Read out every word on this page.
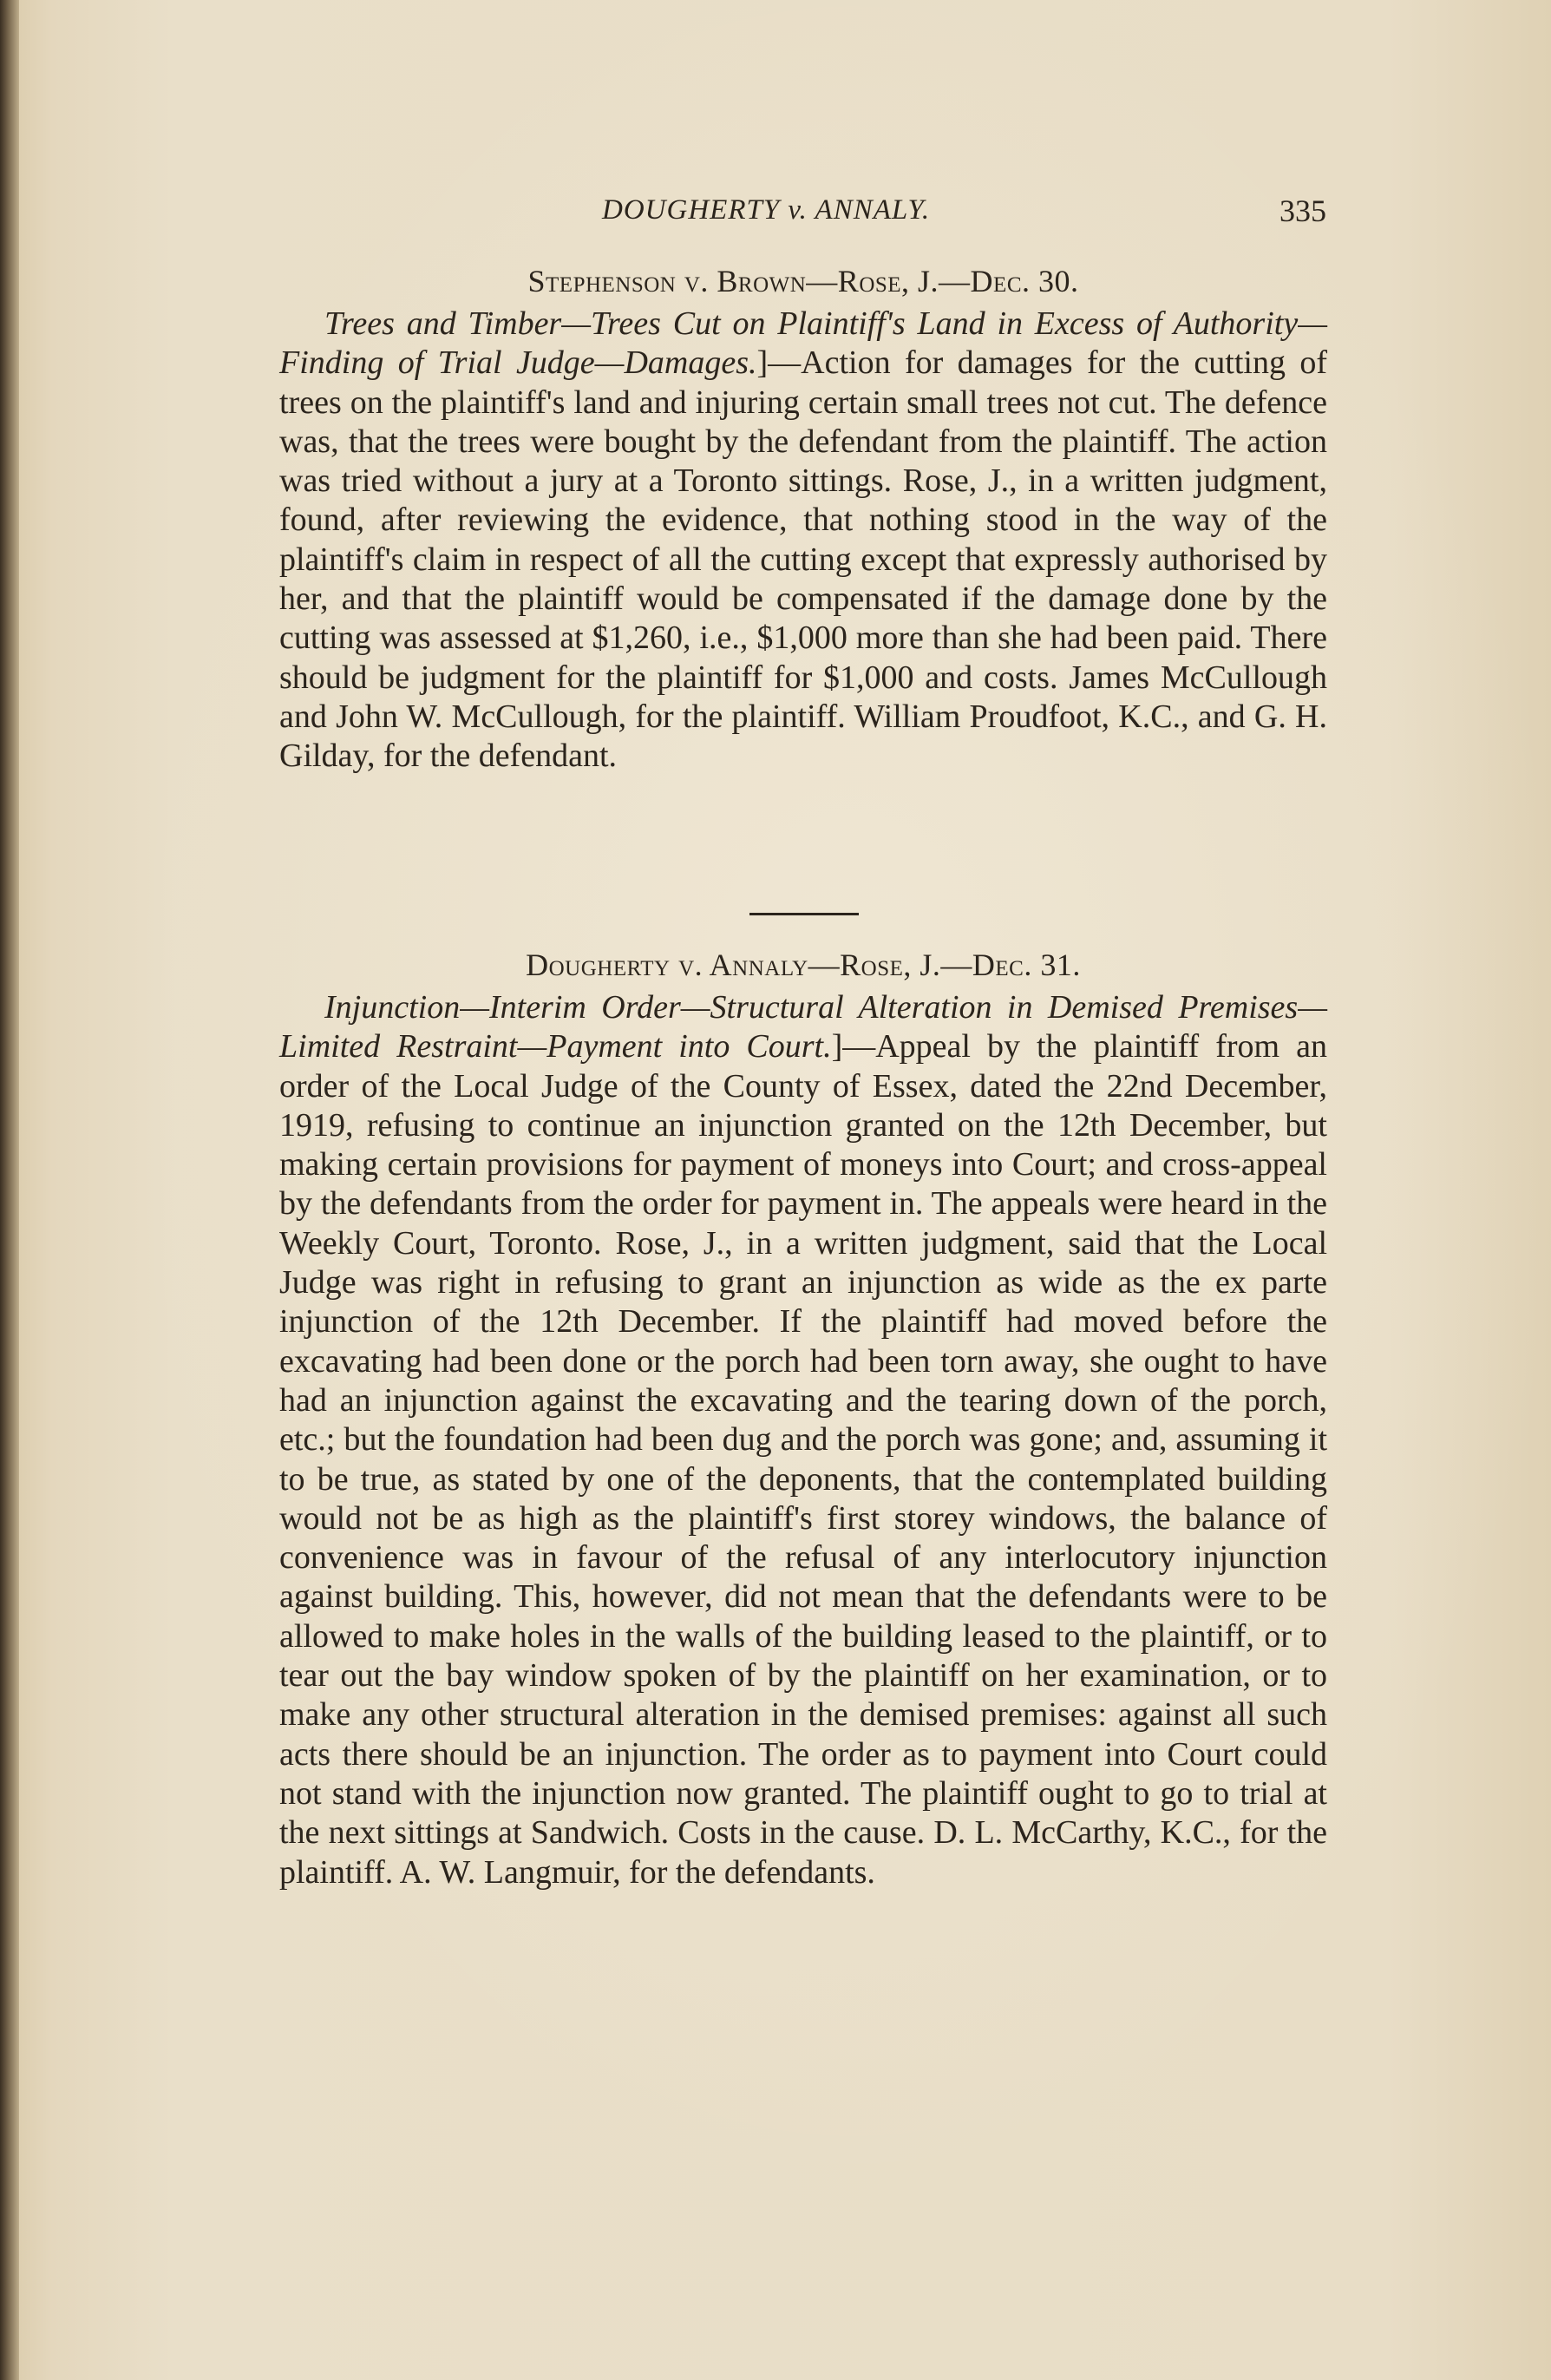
DOUGHERTY v. ANNALY.	335
Stephenson v. Brown—Rose, J.—Dec. 30.

Trees and Timber—Trees Cut on Plaintiff's Land in Excess of Authority—Finding of Trial Judge—Damages.]—Action for damages for the cutting of trees on the plaintiff's land and injuring certain small trees not cut. The defence was, that the trees were bought by the defendant from the plaintiff. The action was tried without a jury at a Toronto sittings. Rose, J., in a written judgment, found, after reviewing the evidence, that nothing stood in the way of the plaintiff's claim in respect of all the cutting except that expressly authorised by her, and that the plaintiff would be compensated if the damage done by the cutting was assessed at $1,260, i.e., $1,000 more than she had been paid. There should be judgment for the plaintiff for $1,000 and costs. James McCullough and John W. McCullough, for the plaintiff. William Proudfoot, K.C., and G. H. Gilday, for the defendant.

Dougherty v. Annaly—Rose, J.—Dec. 31.

Injunction—Interim Order—Structural Alteration in Demised Premises—Limited Restraint—Payment into Court.]—Appeal by the plaintiff from an order of the Local Judge of the County of Essex, dated the 22nd December, 1919, refusing to continue an injunction granted on the 12th December, but making certain provisions for payment of moneys into Court; and cross-appeal by the defendants from the order for payment in. The appeals were heard in the Weekly Court, Toronto. Rose, J., in a written judgment, said that the Local Judge was right in refusing to grant an injunction as wide as the ex parte injunction of the 12th December. If the plaintiff had moved before the excavating had been done or the porch had been torn away, she ought to have had an injunction against the excavating and the tearing down of the porch, etc.; but the foundation had been dug and the porch was gone; and, assuming it to be true, as stated by one of the deponents, that the contemplated building would not be as high as the plaintiff's first storey windows, the balance of convenience was in favour of the refusal of any interlocutory injunction against building. This, however, did not mean that the defendants were to be allowed to make holes in the walls of the building leased to the plaintiff, or to tear out the bay window spoken of by the plaintiff on her examination, or to make any other structural alteration in the demised premises: against all such acts there should be an injunction. The order as to payment into Court could not stand with the injunction now granted. The plaintiff ought to go to trial at the next sittings at Sandwich. Costs in the cause. D. L. McCarthy, K.C., for the plaintiff. A. W. Langmuir, for the defendants.
